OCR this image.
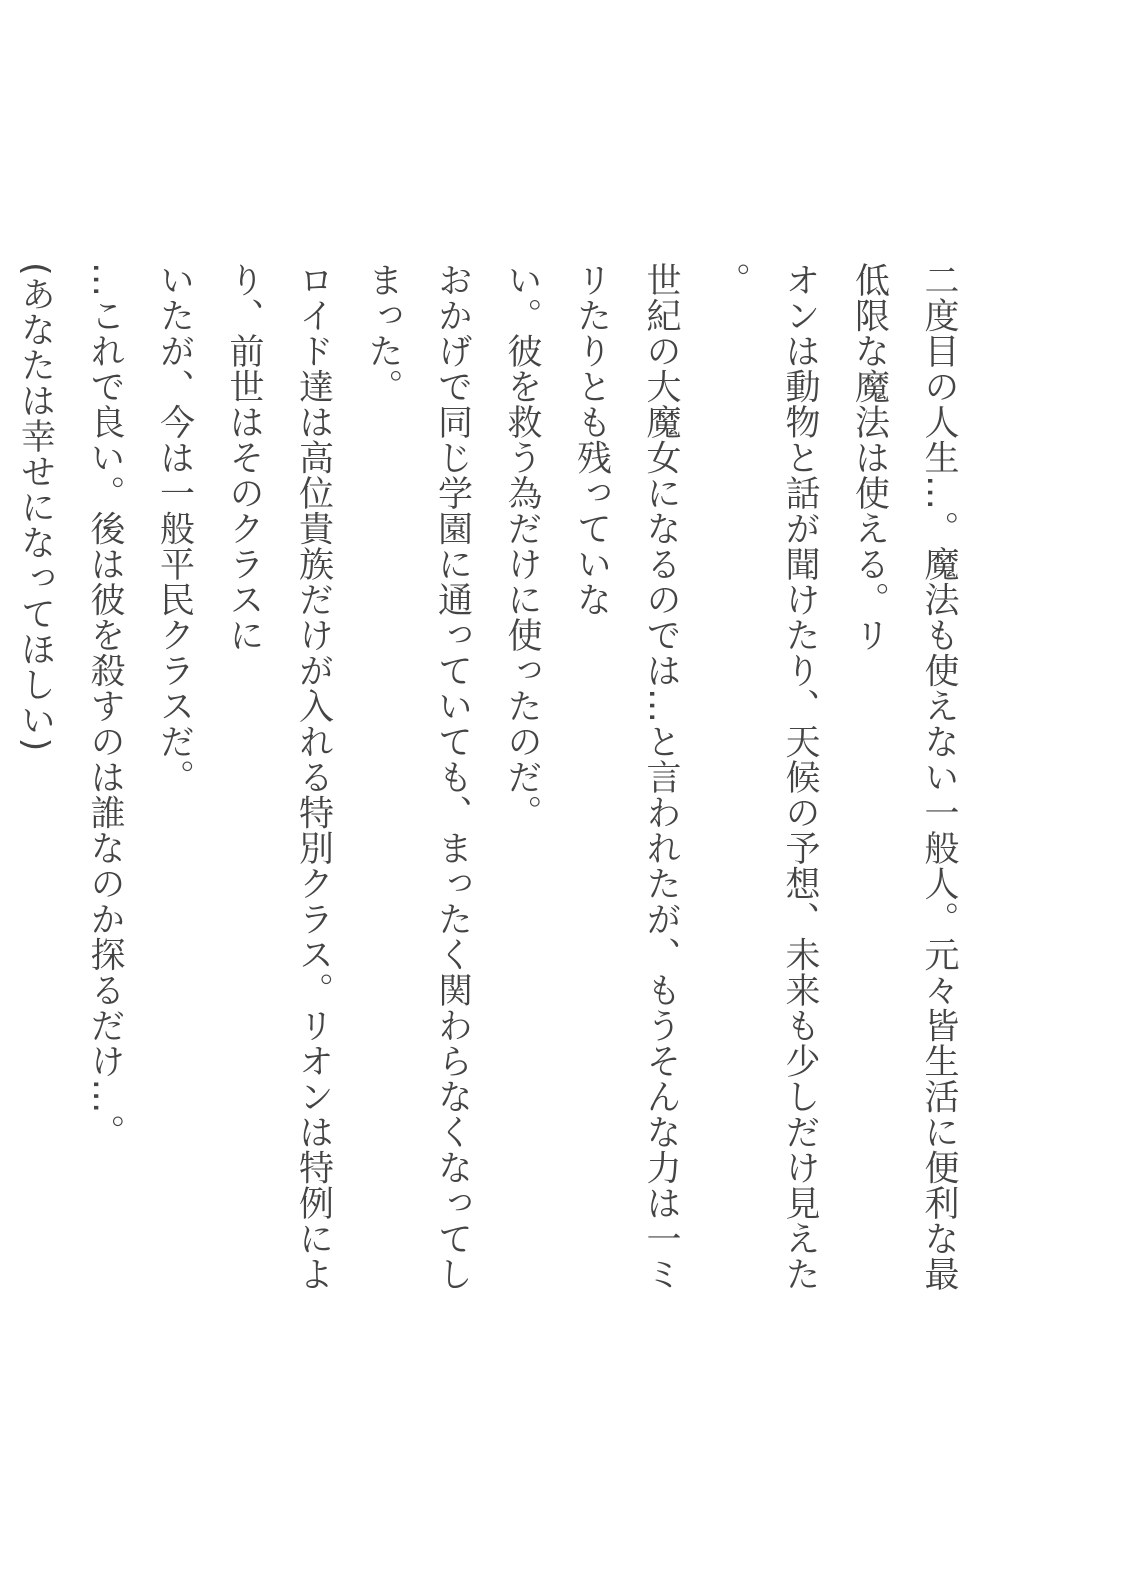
二度目の人生…。魔法も使えない一般人。元々皆生活に便利な最低限な魔法は使える。リ
オンは動物と話が聞けたり、天候の予想、未来も少しだけ見えた。
世紀の大魔女になるのでは…と言われたが、もうそんな力は一ミリたりとも残っていな
い。彼を救う為だけに使ったのだ。
おかげで同じ学園に通っていても、まったく関わらなくなってしまった。
ロイド達は高位貴族だけが入れる特別クラス。リオンは特例により、前世はそのクラスに
いたが、今は一般平民クラスだ。
…これで良い。後は彼を殺すのは誰なのか探るだけ…。
(あなたは幸せになってほしい)
